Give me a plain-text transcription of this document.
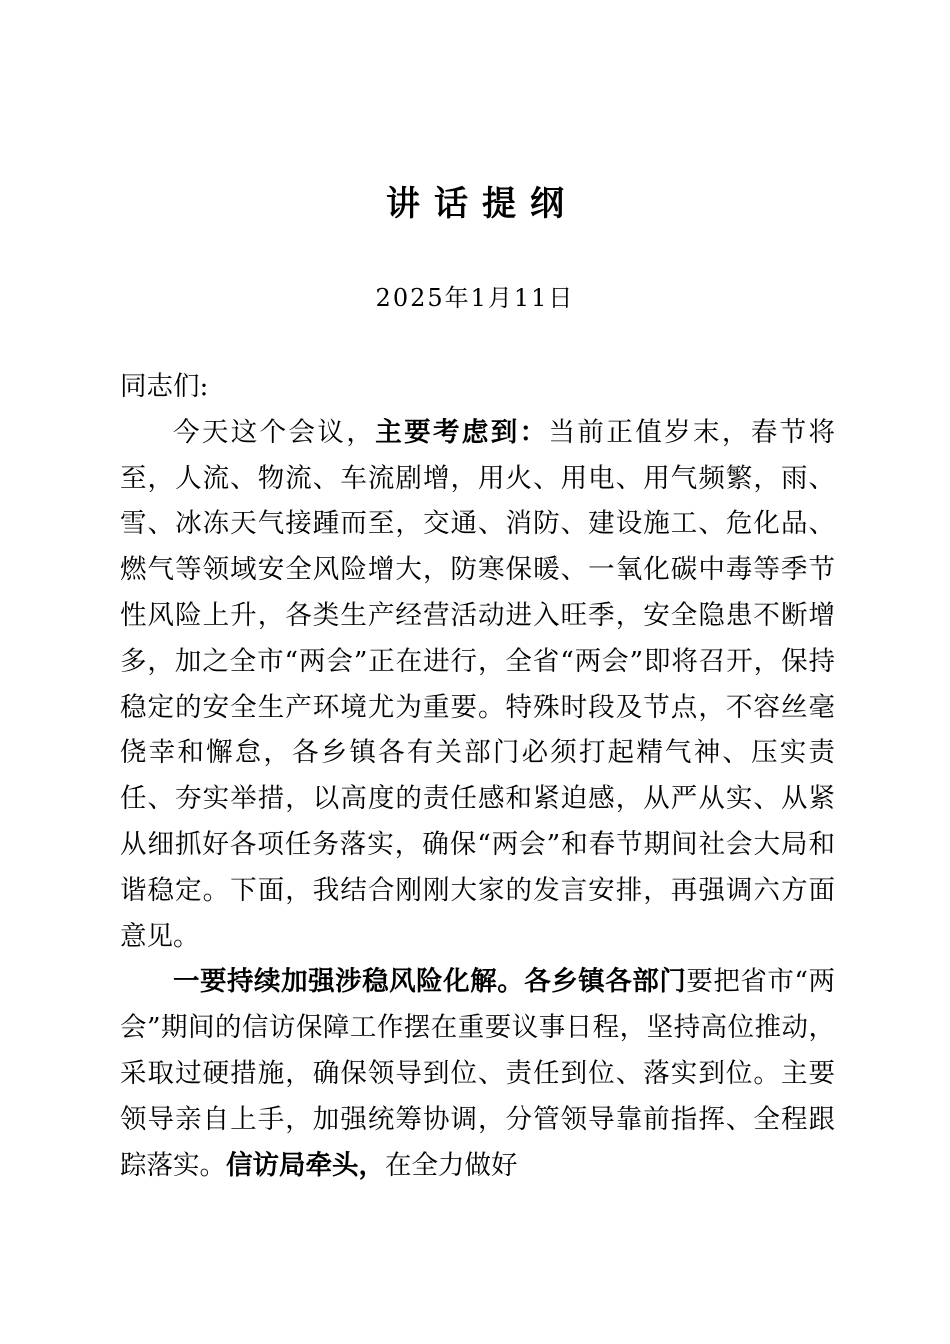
讲话提纲
2025年1月11日

同志们:

今天这个会议，主要考虑到：当前正值岁末，春节将至，人流、物流、车流剧增，用火、用电、用气频繁，雨、雪、冰冻天气接踵而至，交通、消防、建设施工、危化品、燃气等领域安全风险增大，防寒保暖、一氧化碳中毒等季节性风险上升，各类生产经营活动进入旺季，安全隐患不断增多，加之全市“两会”正在进行，全省“两会”即将召开，保持稳定的安全生产环境尤为重要。特殊时段及节点，不容丝毫侥幸和懈怠，各乡镇各有关部门必须打起精气神、压实责任、夯实举措，以高度的责任感和紧迫感，从严从实、从紧从细抓好各项任务落实，确保“两会”和春节期间社会大局和谐稳定。下面，我结合刚刚大家的发言安排，再强调六方面意见。

一要持续加强涉稳风险化解。各乡镇各部门要把省市“两会”期间的信访保障工作摆在重要议事日程，坚持高位推动，采取过硬措施，确保领导到位、责任到位、落实到位。主要领导亲自上手，加强统筹协调，分管领导靠前指挥、全程跟踪落实。信访局牵头，在全力做好
